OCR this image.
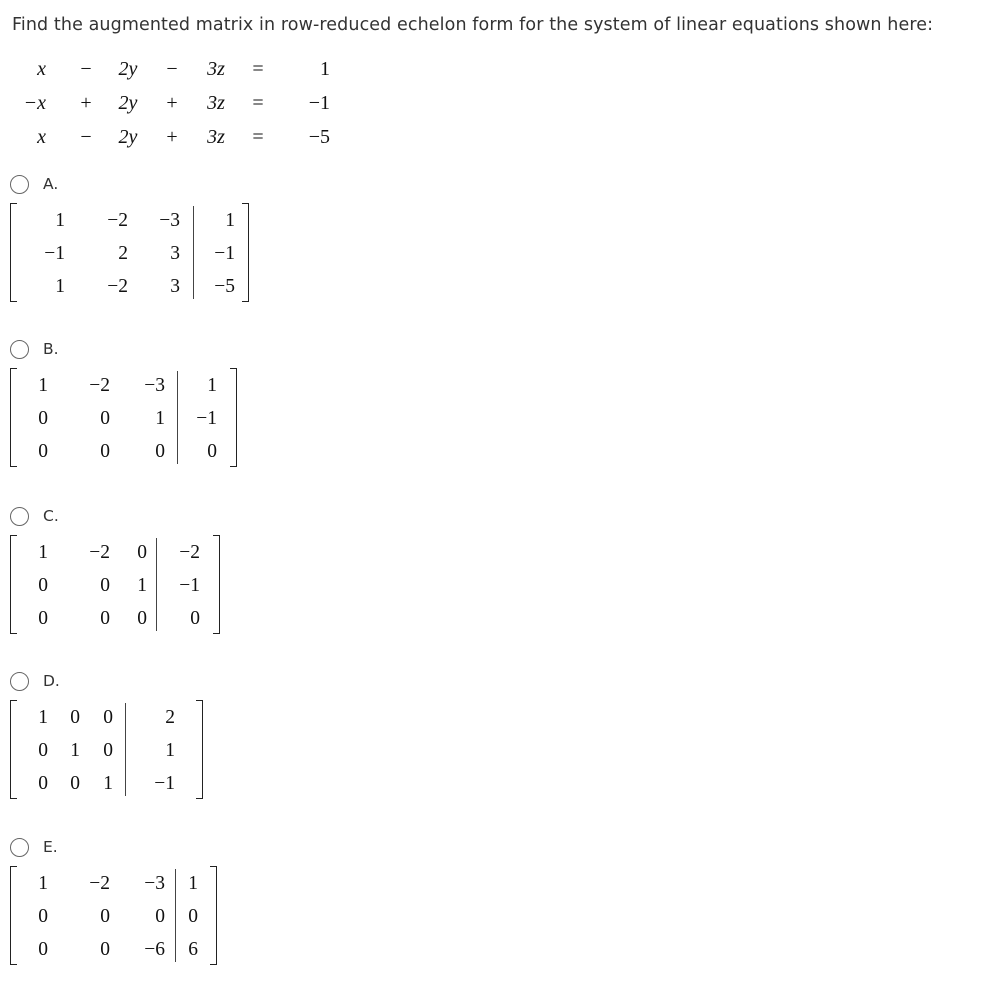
Find the augmented matrix in row-reduced echelon form for the system of linear equations shown here:
x	−	2y	−	3z	=	1
−x	+	2y	+	3z	=	−1
x	−	2y	+	3z	=	−5
A.
1	−2	−3	1
−1	2	3	−1
1	−2	3	−5
B.
1	−2	−3	1
0	0	1	−1
0	0	0	0
C.
1	−2	0	−2
0	0	1	−1
0	0	0	0
D.
1	0	0	2
0	1	0	1
0	0	1	−1
E.
1	−2	−3	1
0	0	0	0
0	0	−6	6
